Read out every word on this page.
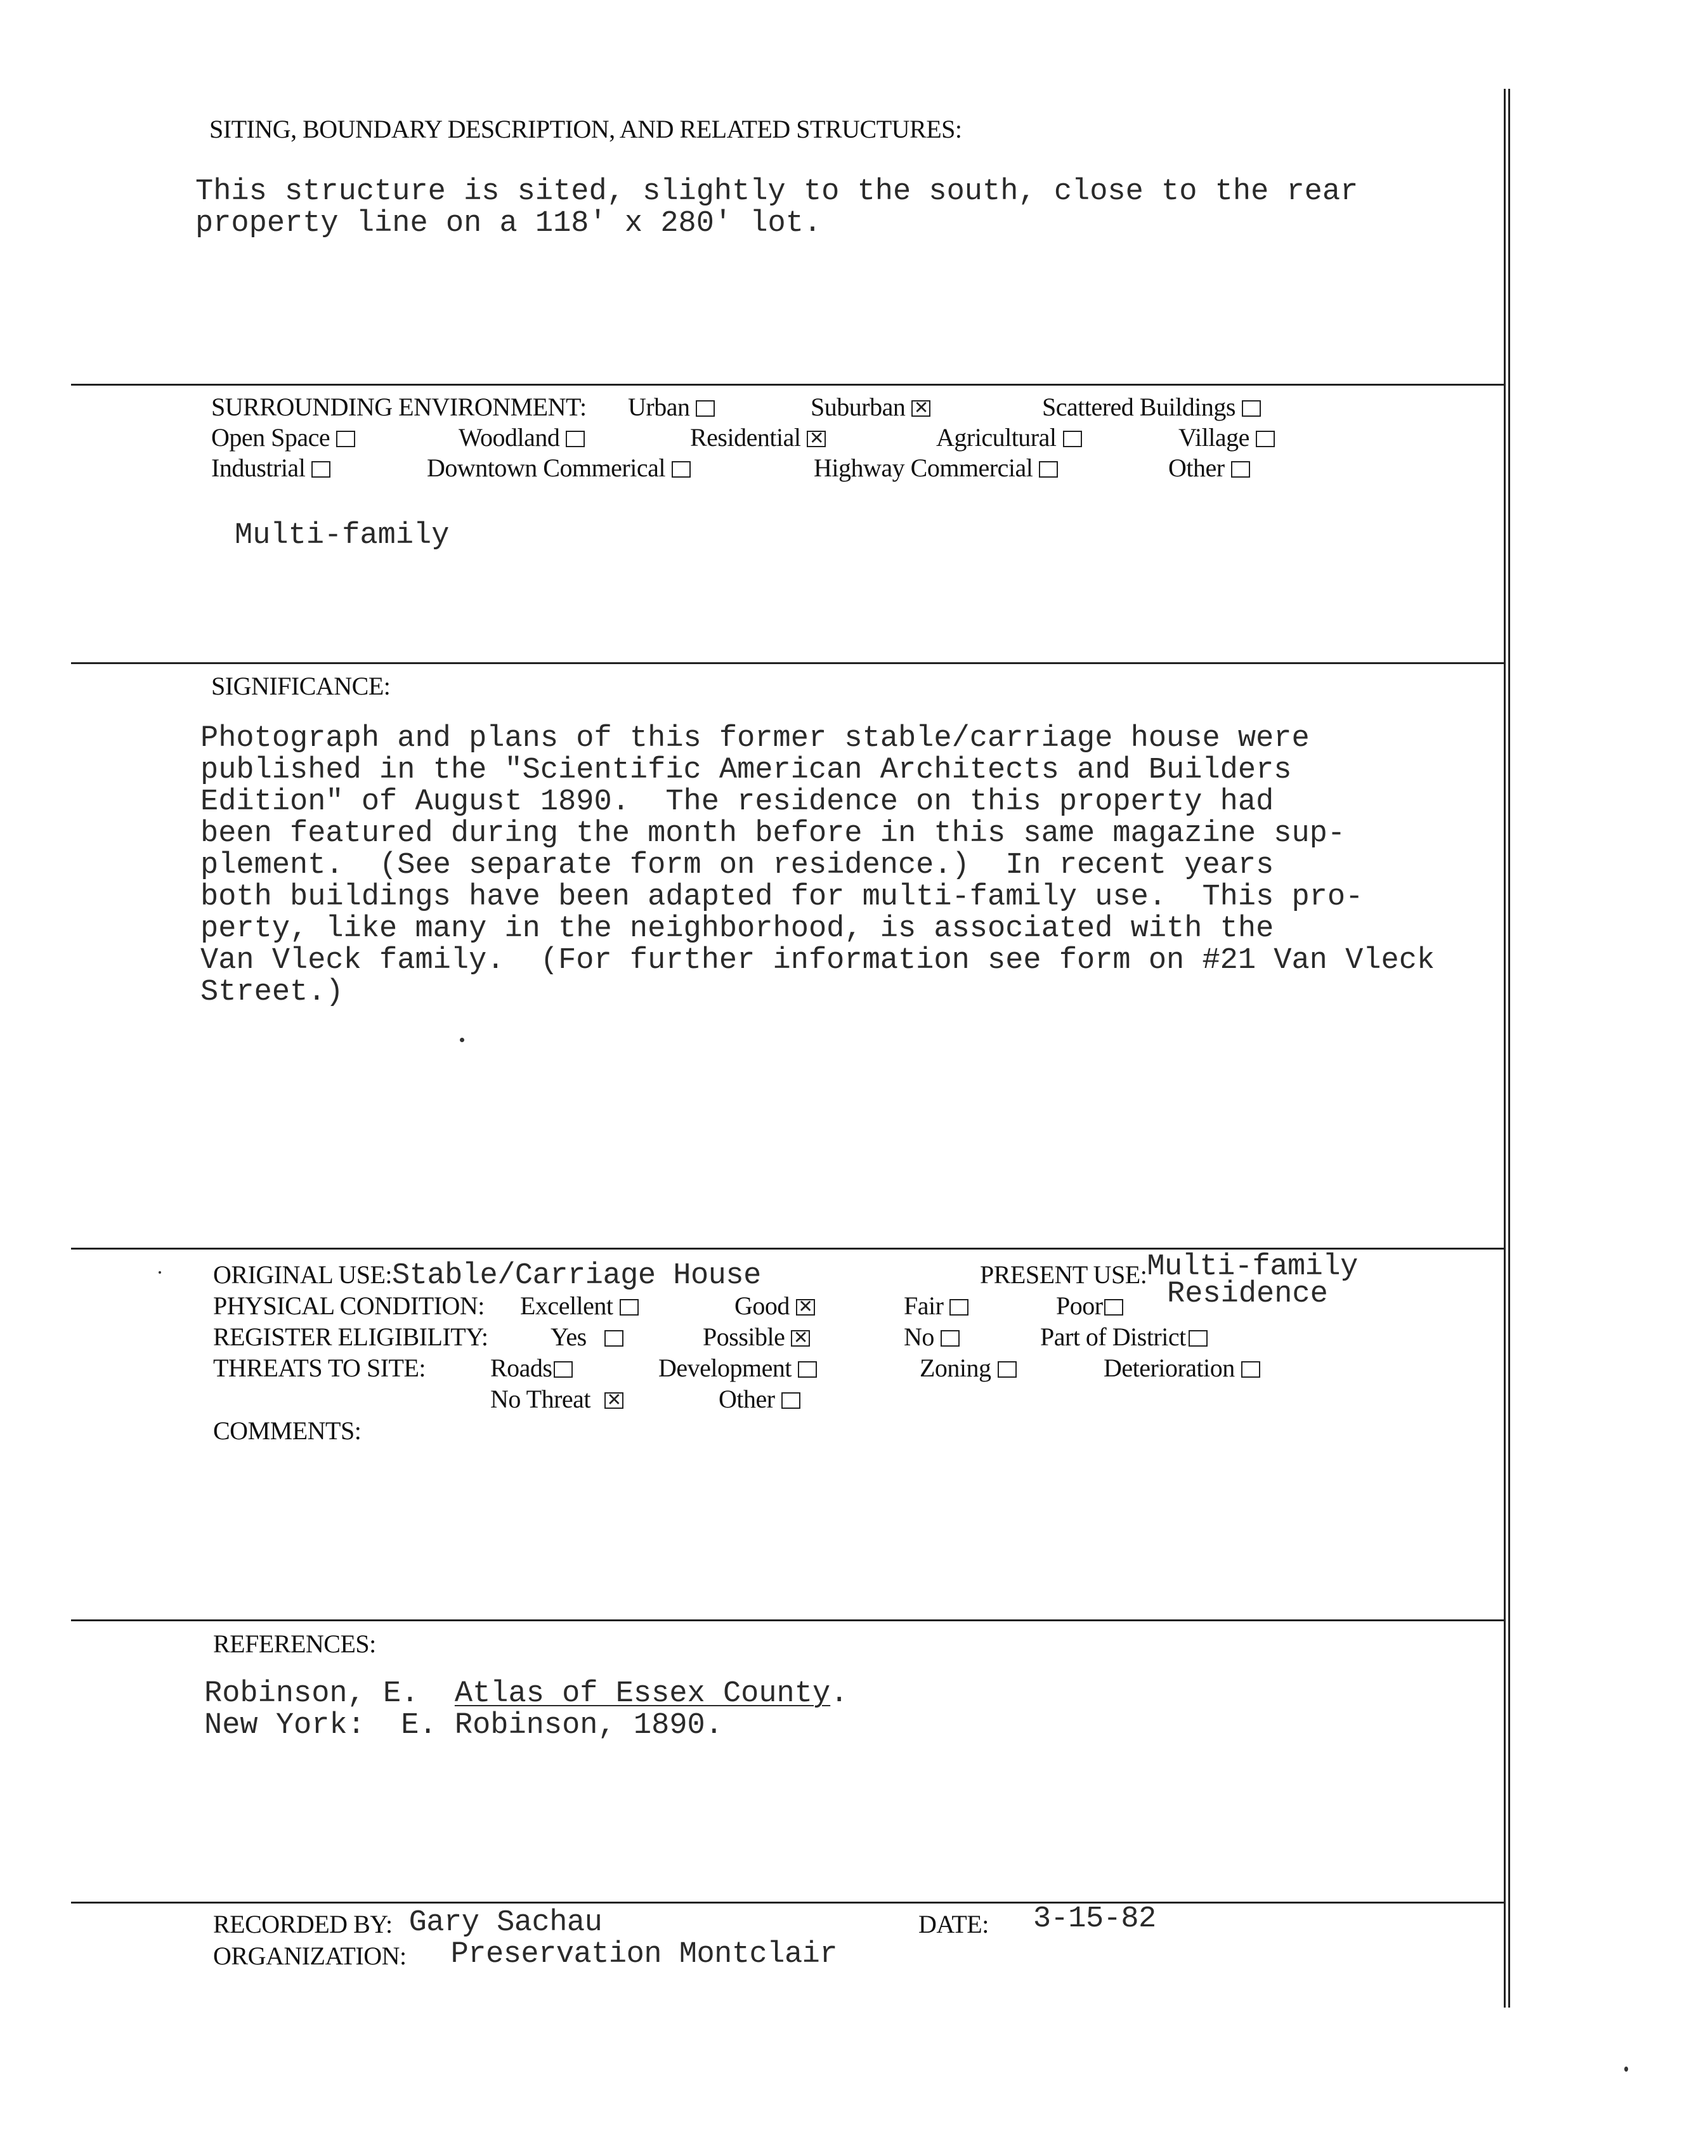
SITING, BOUNDARY DESCRIPTION, AND RELATED STRUCTURES:
This structure is sited, slightly to the south, close to the rear
property line on a 118' x 280' lot.
SURROUNDING ENVIRONMENT: Urban	Suburban ✕	Scattered Buildings
Open Space	Woodland	Residential ✕	Agricultural	Village
Industrial	Downtown Commerical	Highway Commercial	Other
Multi-family
SIGNIFICANCE:
Photograph and plans of this former stable/carriage house were
published in the "Scientific American Architects and Builders
Edition" of August 1890.  The residence on this property had
been featured during the month before in this same magazine sup-
plement.  (See separate form on residence.)  In recent years
both buildings have been adapted for multi-family use.  This pro-
perty, like many in the neighborhood, is associated with the
Van Vleck family.  (For further information see form on #21 Van Vleck
Street.)
ORIGINAL USE:Stable/Carriage House	PRESENT USE:Multi-family
Residence
PHYSICAL CONDITION: Excellent	Good ✕	Fair	Poor
REGISTER ELIGIBILITY: Yes	Possible ✕	No	Part of District
THREATS TO SITE:	Roads	Development	Zoning	Deterioration
No Threat ✕	Other
COMMENTS:
REFERENCES:
Robinson, E.  Atlas of Essex County.
New York:  E. Robinson, 1890.
RECORDED BY: Gary Sachau	DATE: 3-15-82
ORGANIZATION: Preservation Montclair
